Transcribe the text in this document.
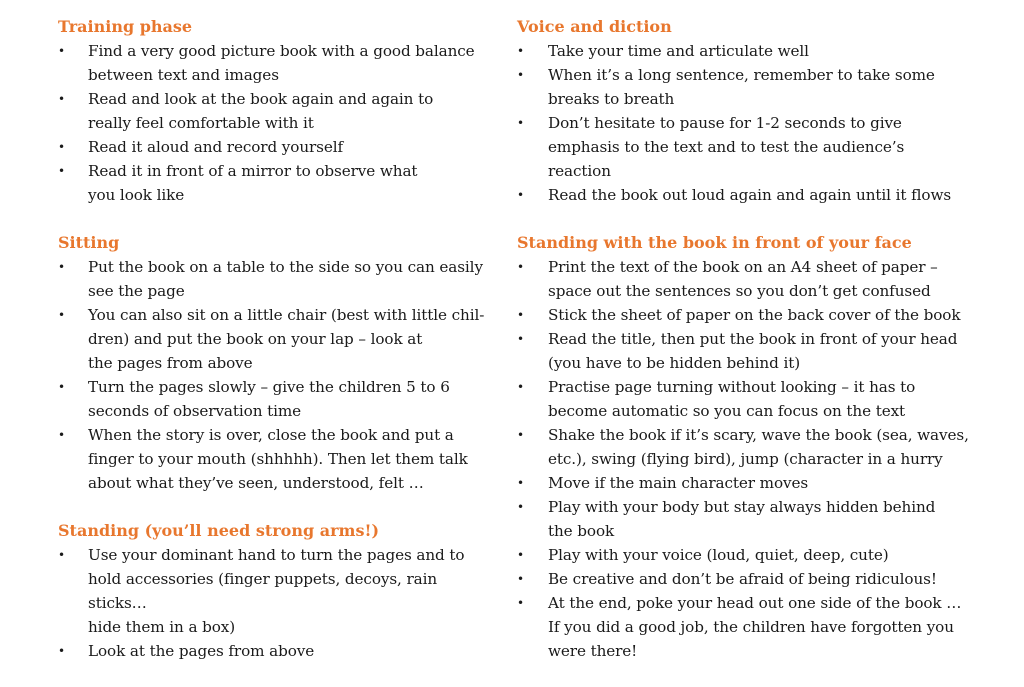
Training phase
• Find a very good picture book with a good balance
between text and images
• Read and look at the book again and again to
really feel comfortable with it
• Read it aloud and record yourself
• Read it in front of a mirror to observe what
you look like
Sitting
• Put the book on a table to the side so you can easily
see the page
• You can also sit on a little chair (best with little chil-
dren) and put the book on your lap – look at
the pages from above
• Turn the pages slowly – give the children 5 to 6
seconds of observation time
• When the story is over, close the book and put a
finger to your mouth (shhhhh). Then let them talk
about what they’ve seen, understood, felt …
Standing (you’ll need strong arms!)
• Use your dominant hand to turn the pages and to
hold accessories (finger puppets, decoys, rain sticks…
hide them in a box)
• Look at the pages from above
Voice and diction
• Take your time and articulate well
• When it’s a long sentence, remember to take some
breaks to breath
• Don’t hesitate to pause for 1-2 seconds to give
emphasis to the text and to test the audience’s
reaction
• Read the book out loud again and again until it flows
Standing with the book in front of your face
• Print the text of the book on an A4 sheet of paper –
space out the sentences so you don’t get confused
• Stick the sheet of paper on the back cover of the book
• Read the title, then put the book in front of your head
(you have to be hidden behind it)
• Practise page turning without looking – it has to
become automatic so you can focus on the text
• Shake the book if it’s scary, wave the book (sea, waves,
etc.), swing (flying bird), jump (character in a hurry
• Move if the main character moves
• Play with your body but stay always hidden behind
the book
• Play with your voice (loud, quiet, deep, cute)
• Be creative and don’t be afraid of being ridiculous!
• At the end, poke your head out one side of the book …
If you did a good job, the children have forgotten you
were there!
